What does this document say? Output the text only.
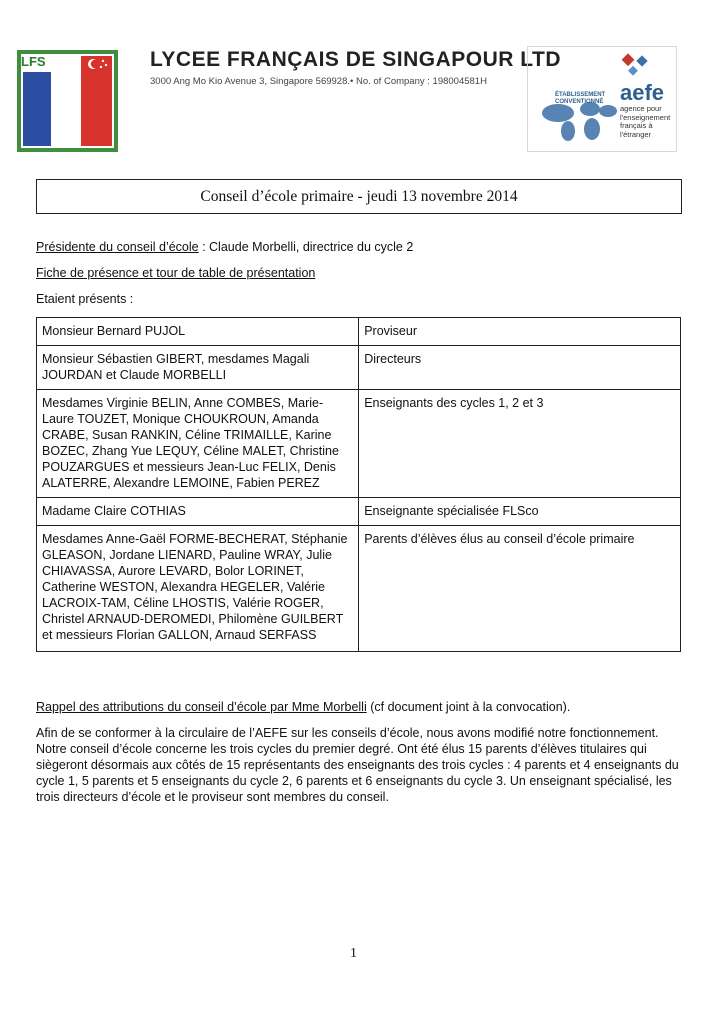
LFS	LYCEE FRANÇAIS DE SINGAPOUR LTD
3000 Ang Mo Kio Avenue 3, Singapore 569928.• No. of Company : 198004581H
ÉTABLISSEMENT CONVENTIONNÉ aefe
agence pour l'enseignement français à l'étranger
Conseil d’école primaire - jeudi 13 novembre 2014
Présidente du conseil d’école : Claude Morbelli, directrice du cycle 2
Fiche de présence et tour de table de présentation
Etaient présents :
Monsieur Bernard PUJOL	Proviseur
Monsieur Sébastien GIBERT, mesdames Magali JOURDAN et Claude MORBELLI	Directeurs
Mesdames Virginie BELIN, Anne COMBES, Marie-Laure TOUZET, Monique CHOUKROUN, Amanda CRABE, Susan RANKIN, Céline TRIMAILLE, Karine BOZEC, Zhang Yue LEQUY, Céline MALET, Christine POUZARGUES et messieurs Jean-Luc FELIX, Denis ALATERRE, Alexandre LEMOINE, Fabien PEREZ	Enseignants des cycles 1, 2 et 3
Madame Claire COTHIAS	Enseignante spécialisée FLSco
Mesdames Anne-Gaël FORME-BECHERAT, Stéphanie GLEASON, Jordane LIENARD, Pauline WRAY, Julie CHIAVASSA, Aurore LEVARD, Bolor LORINET, Catherine WESTON, Alexandra HEGELER, Valérie LACROIX-TAM, Céline LHOSTIS, Valérie ROGER, Christel ARNAUD-DEROMEDI, Philomène GUILBERT et messieurs Florian GALLON, Arnaud SERFASS	Parents d’élèves élus au conseil d’école primaire
Rappel des attributions du conseil d’école par Mme Morbelli (cf document joint à la convocation).
Afin de se conformer à la circulaire de l’AEFE sur les conseils d’école, nous avons modifié notre fonctionnement. Notre conseil d’école concerne les trois cycles du premier degré. Ont été élus 15 parents d’élèves titulaires qui siègeront désormais aux côtés de 15 représentants des enseignants des trois cycles : 4 parents et 4 enseignants du cycle 1, 5 parents et 5 enseignants du cycle 2, 6 parents et 6 enseignants du cycle 3. Un enseignant spécialisé, les trois directeurs d’école et le proviseur sont membres du conseil.
1
